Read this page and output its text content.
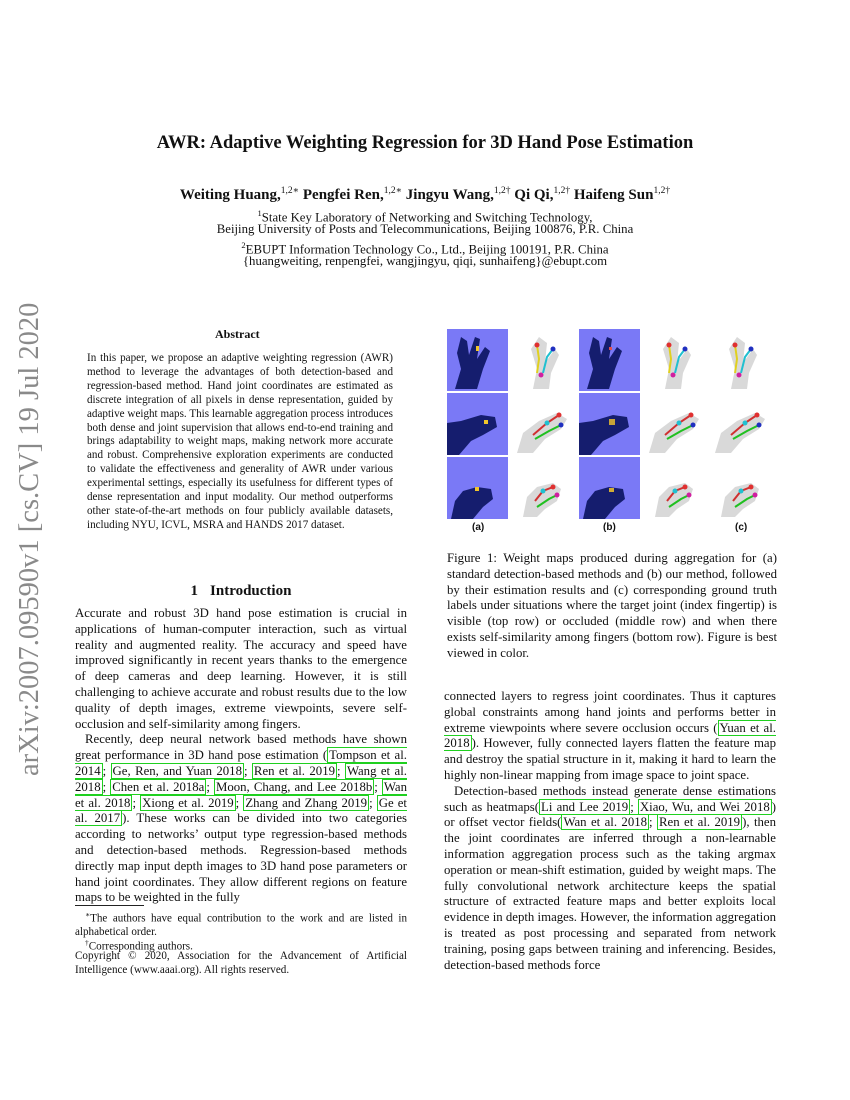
arXiv:2007.09590v1 [cs.CV] 19 Jul 2020
AWR: Adaptive Weighting Regression for 3D Hand Pose Estimation
Weiting Huang,$^{1,2∗}$ Pengfei Ren,$^{1,2∗}$ Jingyu Wang,$^{1,2\dagger}$ Qi Qi,$^{1,2\dagger}$ Haifeng Sun$^{1,2\dagger}$
$^1$State Key Laboratory of Networking and Switching Technology,
Beijing University of Posts and Telecommunications, Beijing 100876, P.R. China
$^2$EBUPT Information Technology Co., Ltd., Beijing 100191, P.R. China
{huangweiting, renpengfei, wangjingyu, qiqi, sunhaifeng}@ebupt.com
Abstract
In this paper, we propose an adaptive weighting regression (AWR) method to leverage the advantages of both detection-based and regression-based method. Hand joint coordinates are estimated as discrete integration of all pixels in dense representation, guided by adaptive weight maps. This learnable aggregation process introduces both dense and joint supervision that allows end-to-end training and brings adaptability to weight maps, making network more accurate and robust. Comprehensive exploration experiments are conducted to validate the effectiveness and generality of AWR under various experimental settings, especially its usefulness for different types of dense representation and input modality. Our method outperforms other state-of-the-art methods on four publicly available datasets, including NYU, ICVL, MSRA and HANDS 2017 dataset.
1 Introduction
Accurate and robust 3D hand pose estimation is crucial in applications of human-computer interaction, such as virtual reality and augmented reality. The accuracy and speed have improved significantly in recent years thanks to the emergence of deep cameras and deep learning. However, it is still challenging to achieve accurate and robust results due to the low quality of depth images, extreme viewpoints, severe self-occlusion and self-similarity among fingers.
Recently, deep neural network based methods have shown great performance in 3D hand pose estimation ( Tompson et al. 2014 ; Ge, Ren, and Yuan 2018 ; Ren et al. 2019 ; Wang et al. 2018 ; Chen et al. 2018a ; Moon, Chang, and Lee 2018b ; Wan et al. 2018 ; Xiong et al. 2019 ; Zhang and Zhang 2019 ; Ge et al. 2017 ). These works can be divided into two categories according to networks’ output type regression-based methods and detection-based methods. Regression-based methods directly map input depth images to 3D hand pose parameters or hand joint coordinates. They allow different regions on feature maps to be weighted in the fully
∗The authors have equal contribution to the work and are listed in alphabetical order.
†Corresponding authors.
Copyright © 2020, Association for the Advancement of Artificial Intelligence (www.aaai.org). All rights reserved.
(a)	(b)	(c)
Figure 1: Weight maps produced during aggregation for (a) standard detection-based methods and (b) our method, followed by their estimation results and (c) corresponding ground truth labels under situations where the target joint (index fingertip) is visible (top row) or occluded (middle row) and when there exists self-similarity among fingers (bottom row). Figure is best viewed in color.
connected layers to regress joint coordinates. Thus it captures global constraints among hand joints and performs better in extreme viewpoints where severe occlusion occurs ( Yuan et al. 2018 ). However, fully connected layers flatten the feature map and destroy the spatial structure in it, making it hard to learn the highly non-linear mapping from image space to joint space.
Detection-based methods instead generate dense estimations such as heatmaps( Li and Lee 2019 ; Xiao, Wu, and Wei 2018 ) or offset vector fields( Wan et al. 2018 ; Ren et al. 2019 ), then the joint coordinates are inferred through a non-learnable information aggregation process such as the taking argmax operation or mean-shift estimation, guided by weight maps. The fully convolutional network architecture keeps the spatial structure of extracted feature maps and better exploits local evidence in depth images. However, the information aggregation is treated as post processing and separated from network training, posing gaps between training and inferencing. Besides, detection-based methods force
